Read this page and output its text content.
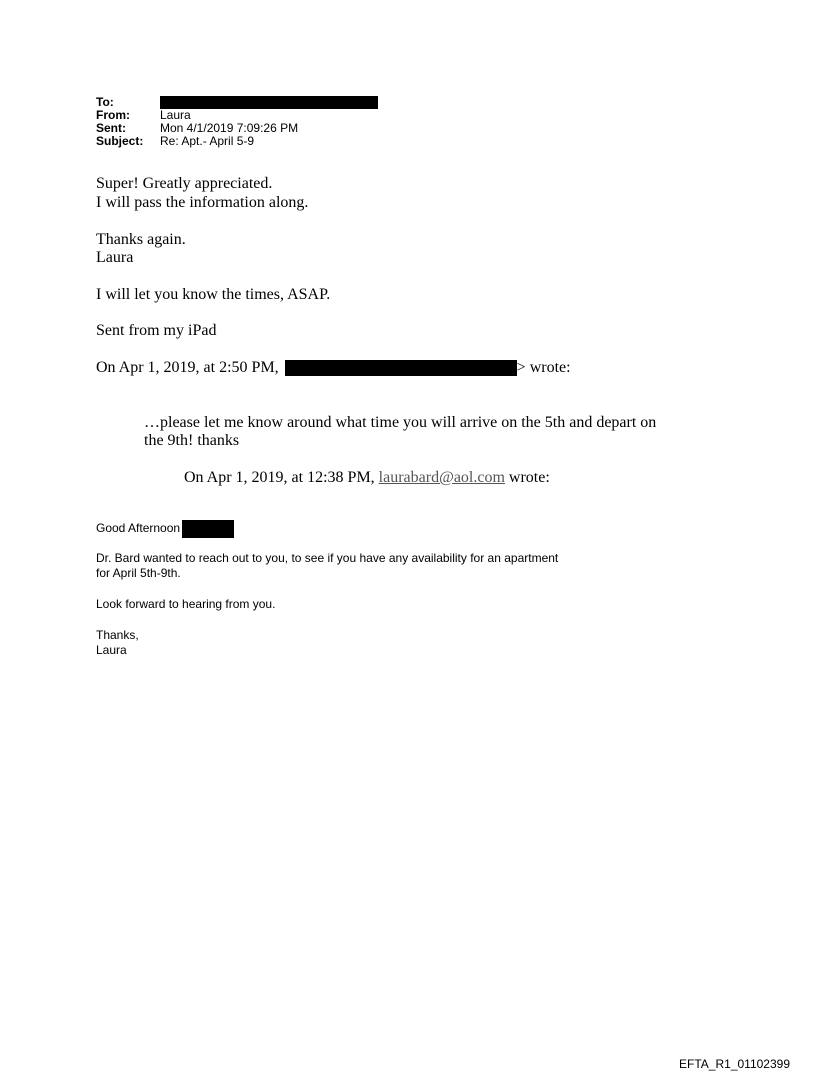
To:
From:	Laura
Sent:	Mon 4/1/2019 7:09:26 PM
Subject:	Re: Apt.- April 5-9
Super! Greatly appreciated.
I will pass the information along.
Thanks again.
Laura
I will let you know the times, ASAP.
Sent from my iPad
On Apr 1, 2019, at 2:50 PM,	> wrote:
…please let me know around what time you will arrive on the 5th and depart on
the 9th! thanks
On Apr 1, 2019, at 12:38 PM, laurabard@aol.com wrote:
Good Afternoon
Dr. Bard wanted to reach out to you, to see if you have any availability for an apartment
for April 5th-9th.
Look forward to hearing from you.
Thanks,
Laura
EFTA_R1_01102399
